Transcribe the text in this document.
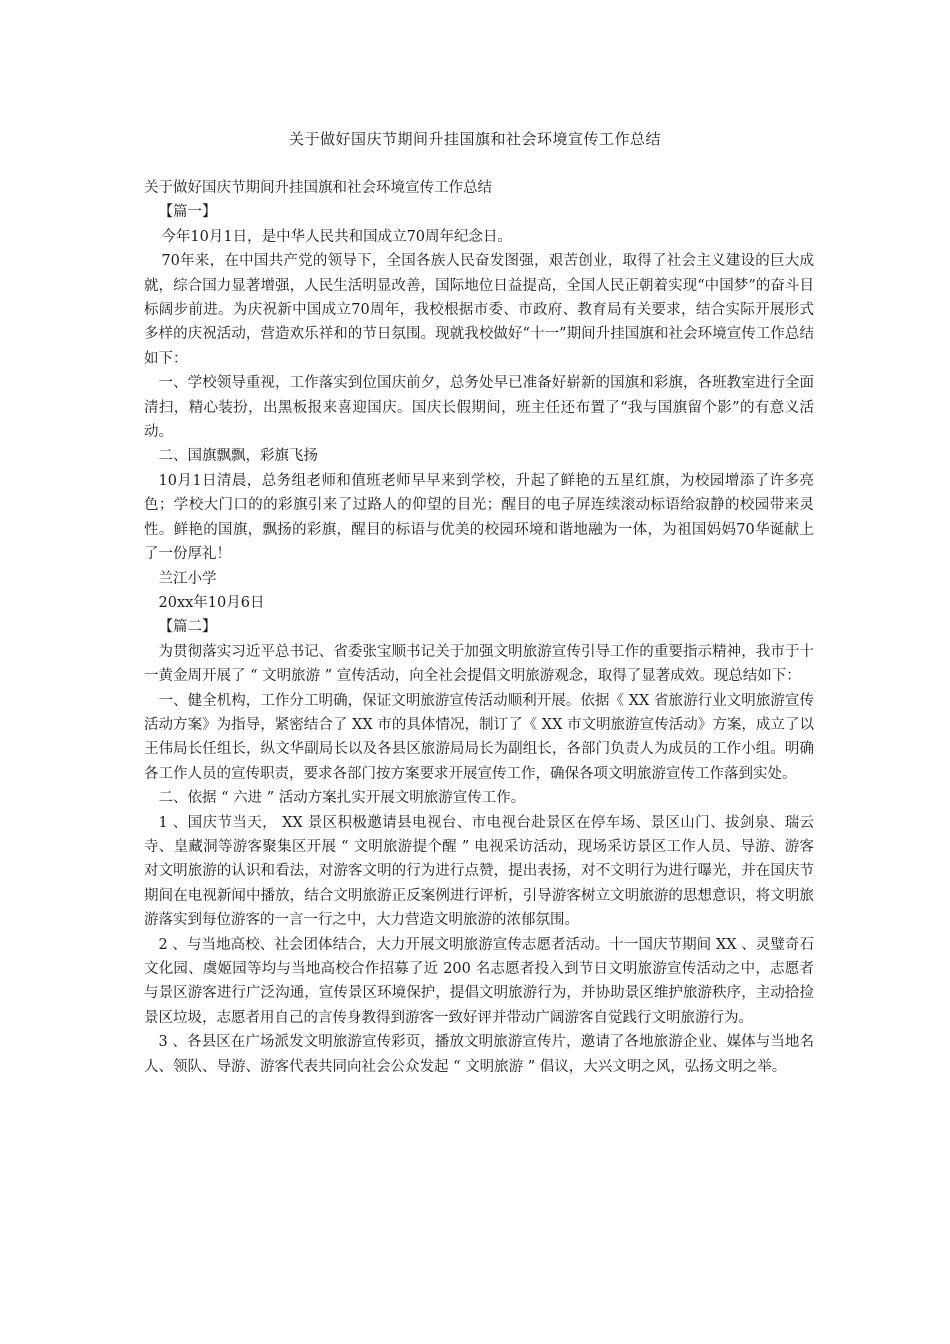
关于做好国庆节期间升挂国旗和社会环境宣传工作总结

关于做好国庆节期间升挂国旗和社会环境宣传工作总结

【篇一】

今年10月1日，是中华人民共和国成立70周年纪念日。

70年来，在中国共产党的领导下，全国各族人民奋发图强，艰苦创业，取得了社会主义建设的巨大成就，综合国力显著增强，人民生活明显改善，国际地位日益提高，全国人民正朝着实现“中国梦”的奋斗目标阔步前进。为庆祝新中国成立70周年，我校根据市委、市政府、教育局有关要求，结合实际开展形式多样的庆祝活动，营造欢乐祥和的节日氛围。现就我校做好“十一”期间升挂国旗和社会环境宣传工作总结如下：

一、学校领导重视，工作落实到位国庆前夕，总务处早已准备好崭新的国旗和彩旗，各班教室进行全面清扫，精心装扮，出黑板报来喜迎国庆。国庆长假期间，班主任还布置了“我与国旗留个影”的有意义活动。

二、国旗飘飘，彩旗飞扬

10月1日清晨，总务组老师和值班老师早早来到学校，升起了鲜艳的五星红旗，为校园增添了许多亮色；学校大门口的的彩旗引来了过路人的仰望的目光；醒目的电子屏连续滚动标语给寂静的校园带来灵性。鲜艳的国旗，飘扬的彩旗，醒目的标语与优美的校园环境和谐地融为一体，为祖国妈妈70华诞献上了一份厚礼！

兰江小学

20xx年10月6日

【篇二】

为贯彻落实习近平总书记、省委张宝顺书记关于加强文明旅游宣传引导工作的重要指示精神，我市于十一黄金周开展了 “ 文明旅游 ” 宣传活动，向全社会提倡文明旅游观念，取得了显著成效。现总结如下：

一、健全机构，工作分工明确，保证文明旅游宣传活动顺利开展。依据《 XX 省旅游行业文明旅游宣传活动方案》为指导，紧密结合了 XX 市的具体情况，制订了《 XX 市文明旅游宣传活动》方案，成立了以王伟局长任组长，纵文华副局长以及各县区旅游局局长为副组长，各部门负责人为成员的工作小组。明确各工作人员的宣传职责，要求各部门按方案要求开展宣传工作，确保各项文明旅游宣传工作落到实处。

二、依据 “ 六进 ” 活动方案扎实开展文明旅游宣传工作。

1 、国庆节当天， XX 景区积极邀请县电视台、市电视台赴景区在停车场、景区山门、拔剑泉、瑞云寺、皇藏洞等游客聚集区开展 “ 文明旅游提个醒 ” 电视采访活动，现场采访景区工作人员、导游、游客对文明旅游的认识和看法，对游客文明的行为进行点赞，提出表扬，对不文明行为进行曝光，并在国庆节期间在电视新闻中播放，结合文明旅游正反案例进行评析，引导游客树立文明旅游的思想意识，将文明旅游落实到每位游客的一言一行之中，大力营造文明旅游的浓郁氛围。

2 、与当地高校、社会团体结合，大力开展文明旅游宣传志愿者活动。十一国庆节期间 XX 、灵璧奇石文化园、虞姬园等均与当地高校合作招募了近 200 名志愿者投入到节日文明旅游宣传活动之中，志愿者与景区游客进行广泛沟通，宣传景区环境保护，提倡文明旅游行为，并协助景区维护旅游秩序，主动拾捡景区垃圾，志愿者用自己的言传身教得到游客一致好评并带动广阔游客自觉践行文明旅游行为。

3 、各县区在广场派发文明旅游宣传彩页，播放文明旅游宣传片，邀请了各地旅游企业、媒体与当地名人、领队、导游、游客代表共同向社会公众发起 “ 文明旅游 ” 倡议，大兴文明之风，弘扬文明之举。
